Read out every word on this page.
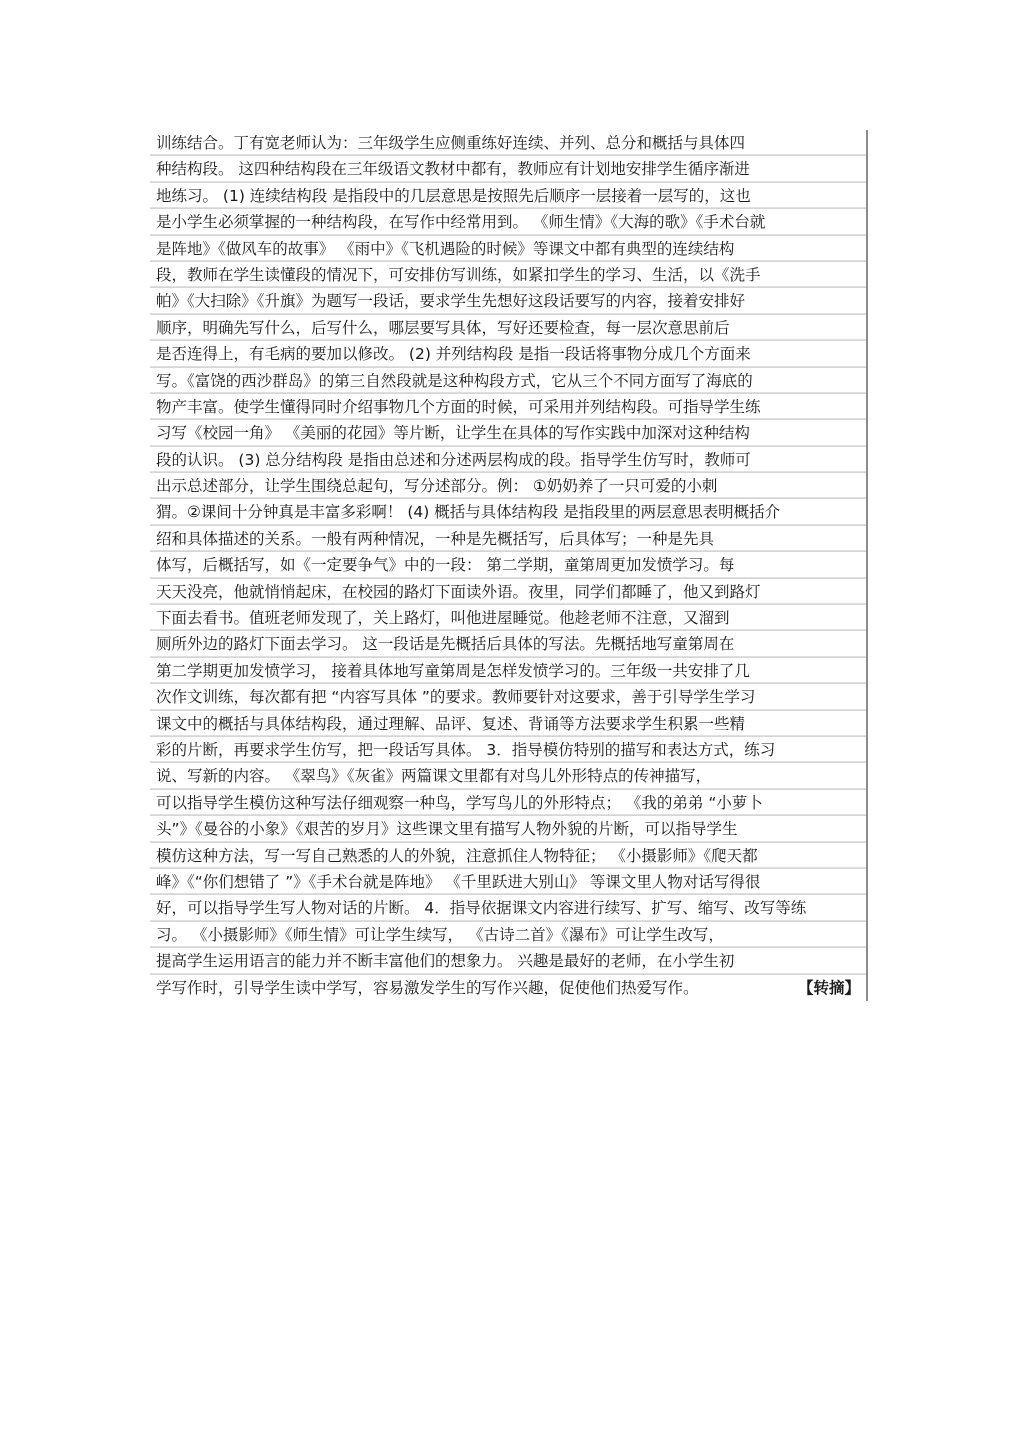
训练结合。丁有宽老师认为：三年级学生应侧重练好连续、并列、总分和概括与具体四
种结构段。 这四种结构段在三年级语文教材中都有，教师应有计划地安排学生循序渐进
地练习。 (1) 连续结构段 是指段中的几层意思是按照先后顺序一层接着一层写的，这也
是小学生必须掌握的一种结构段，在写作中经常用到。 《师生情》《大海的歌》《手术台就
是阵地》《做风车的故事》 《雨中》《飞机遇险的时候》等课文中都有典型的连续结构
段，教师在学生读懂段的情况下，可安排仿写训练，如紧扣学生的学习、生活，以《洗手
帕》《大扫除》《升旗》为题写一段话，要求学生先想好这段话要写的内容，接着安排好
顺序，明确先写什么，后写什么，哪层要写具体，写好还要检查，每一层次意思前后
是否连得上，有毛病的要加以修改。 (2) 并列结构段 是指一段话将事物分成几个方面来
写。《富饶的西沙群岛》的第三自然段就是这种构段方式，它从三个不同方面写了海底的
物产丰富。使学生懂得同时介绍事物几个方面的时候，可采用并列结构段。可指导学生练
习写《校园一角》 《美丽的花园》等片断，让学生在具体的写作实践中加深对这种结构
段的认识。 (3) 总分结构段 是指由总述和分述两层构成的段。指导学生仿写时，教师可
出示总述部分，让学生围绕总起句，写分述部分。例： ①奶奶养了一只可爱的小刺
猬。②课间十分钟真是丰富多彩啊！ (4) 概括与具体结构段 是指段里的两层意思表明概括介
绍和具体描述的关系。一般有两种情况，一种是先概括写，后具体写；一种是先具
体写，后概括写，如《一定要争气》中的一段： 第二学期，童第周更加发愤学习。每
天天没亮，他就悄悄起床，在校园的路灯下面读外语。夜里，同学们都睡了，他又到路灯
下面去看书。值班老师发现了，关上路灯，叫他进屋睡觉。他趁老师不注意，又溜到
厕所外边的路灯下面去学习。 这一段话是先概括后具体的写法。先概括地写童第周在
第二学期更加发愤学习， 接着具体地写童第周是怎样发愤学习的。三年级一共安排了几
次作文训练，每次都有把 “内容写具体 ”的要求。教师要针对这要求，善于引导学生学习
课文中的概括与具体结构段，通过理解、品评、复述、背诵等方法要求学生积累一些精
彩的片断，再要求学生仿写，把一段话写具体。 3．指导模仿特别的描写和表达方式，练习
说、写新的内容。 《翠鸟》《灰雀》两篇课文里都有对鸟儿外形特点的传神描写，
可以指导学生模仿这种写法仔细观察一种鸟，学写鸟儿的外形特点； 《我的弟弟 “小萝卜
头”》《曼谷的小象》《艰苦的岁月》这些课文里有描写人物外貌的片断，可以指导学生
模仿这种方法，写一写自己熟悉的人的外貌，注意抓住人物特征； 《小摄影师》《爬天都
峰》《“你们想错了 ”》《手术台就是阵地》 《千里跃进大别山》 等课文里人物对话写得很
好，可以指导学生写人物对话的片断。 4．指导依据课文内容进行续写、扩写、缩写、改写等练
习。 《小摄影师》《师生情》可让学生续写， 《古诗二首》《瀑布》可让学生改写，
提高学生运用语言的能力并不断丰富他们的想象力。 兴趣是最好的老师，在小学生初
学写作时，引导学生读中学写，容易激发学生的写作兴趣，促使他们热爱写作。	【转摘】
